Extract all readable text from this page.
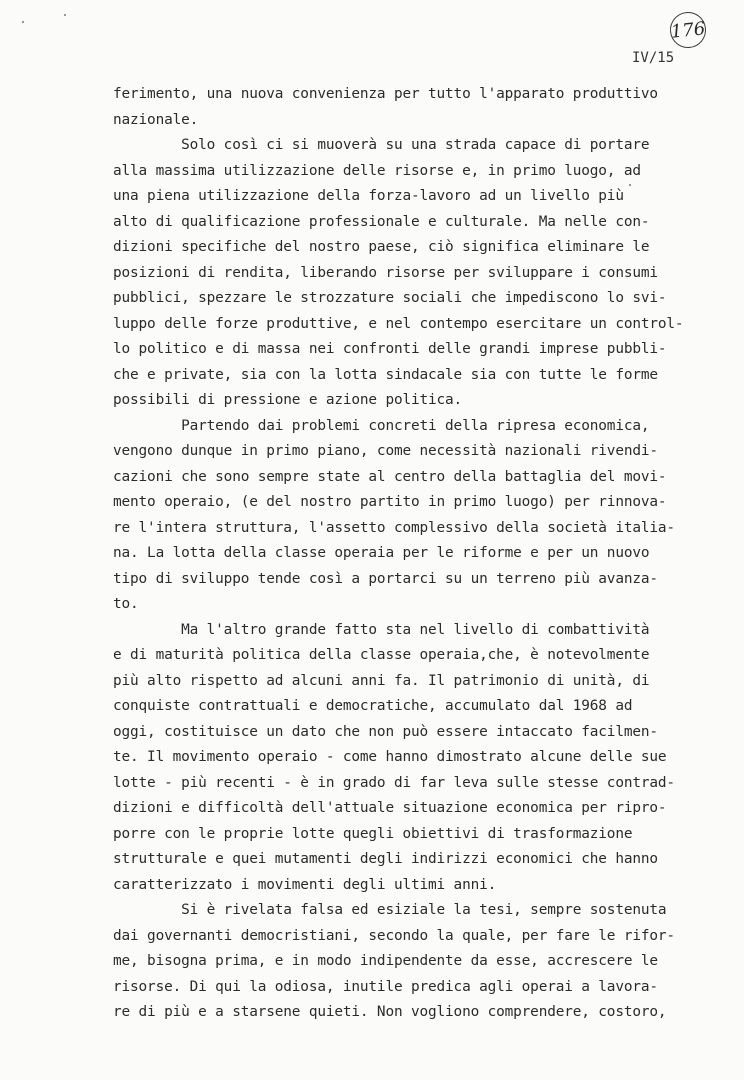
176
IV/15
ferimento, una nuova convenienza per tutto l'apparato produttivo
nazionale.
Solo così ci si muoverà su una strada capace di portare
alla massima utilizzazione delle risorse e, in primo luogo, ad
una piena utilizzazione della forza-lavoro ad un livello più
alto di qualificazione professionale e culturale. Ma nelle con-
dizioni specifiche del nostro paese, ciò significa eliminare le
posizioni di rendita, liberando risorse per sviluppare i consumi
pubblici, spezzare le strozzature sociali che impediscono lo svi-
luppo delle forze produttive, e nel contempo esercitare un control-
lo politico e di massa nei confronti delle grandi imprese pubbli-
che e private, sia con la lotta sindacale sia con tutte le forme
possibili di pressione e azione politica.
Partendo dai problemi concreti della ripresa economica,
vengono dunque in primo piano, come necessità nazionali rivendi-
cazioni che sono sempre state al centro della battaglia del movi-
mento operaio, (e del nostro partito in primo luogo) per rinnova-
re l'intera struttura, l'assetto complessivo della società italia-
na. La lotta della classe operaia per le riforme e per un nuovo
tipo di sviluppo tende così a portarci su un terreno più avanza-
to.
Ma l'altro grande fatto sta nel livello di combattività
e di maturità politica della classe operaia,che, è notevolmente
più alto rispetto ad alcuni anni fa. Il patrimonio di unità, di
conquiste contrattuali e democratiche, accumulato dal 1968 ad
oggi, costituisce un dato che non può essere intaccato facilmen-
te. Il movimento operaio - come hanno dimostrato alcune delle sue
lotte - più recenti - è in grado di far leva sulle stesse contrad-
dizioni e difficoltà dell'attuale situazione economica per ripro-
porre con le proprie lotte quegli obiettivi di trasformazione
strutturale e quei mutamenti degli indirizzi economici che hanno
caratterizzato i movimenti degli ultimi anni.
Si è rivelata falsa ed esiziale la tesi, sempre sostenuta
dai governanti democristiani, secondo la quale, per fare le rifor-
me, bisogna prima, e in modo indipendente da esse, accrescere le
risorse. Di qui la odiosa, inutile predica agli operai a lavora-
re di più e a starsene quieti. Non vogliono comprendere, costoro,
